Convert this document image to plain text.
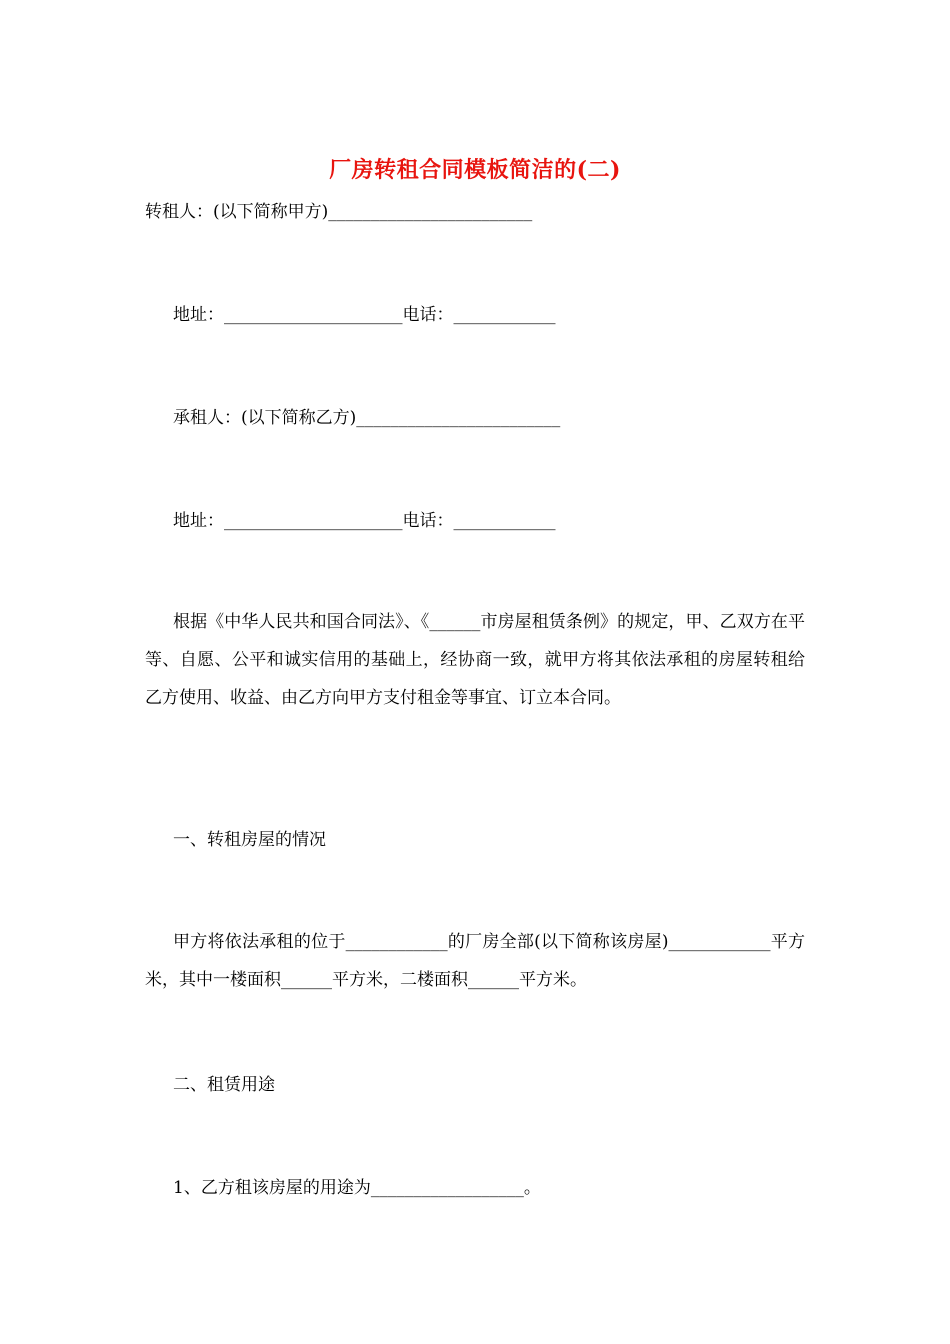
厂房转租合同模板简洁的(二)
转租人：(以下简称甲方)________________________
地址：_____________________电话：____________
承租人：(以下简称乙方)________________________
地址：_____________________电话：____________
根据《中华人民共和国合同法》、《______市房屋租赁条例》的规定，甲、乙双方在平等、自愿、公平和诚实信用的基础上，经协商一致，就甲方将其依法承租的房屋转租给乙方使用、收益、由乙方向甲方支付租金等事宜、订立本合同。
一、转租房屋的情况
甲方将依法承租的位于____________的厂房全部(以下简称该房屋)____________平方米，其中一楼面积______平方米，二楼面积______平方米。
二、租赁用途
1、乙方租该房屋的用途为__________________。
